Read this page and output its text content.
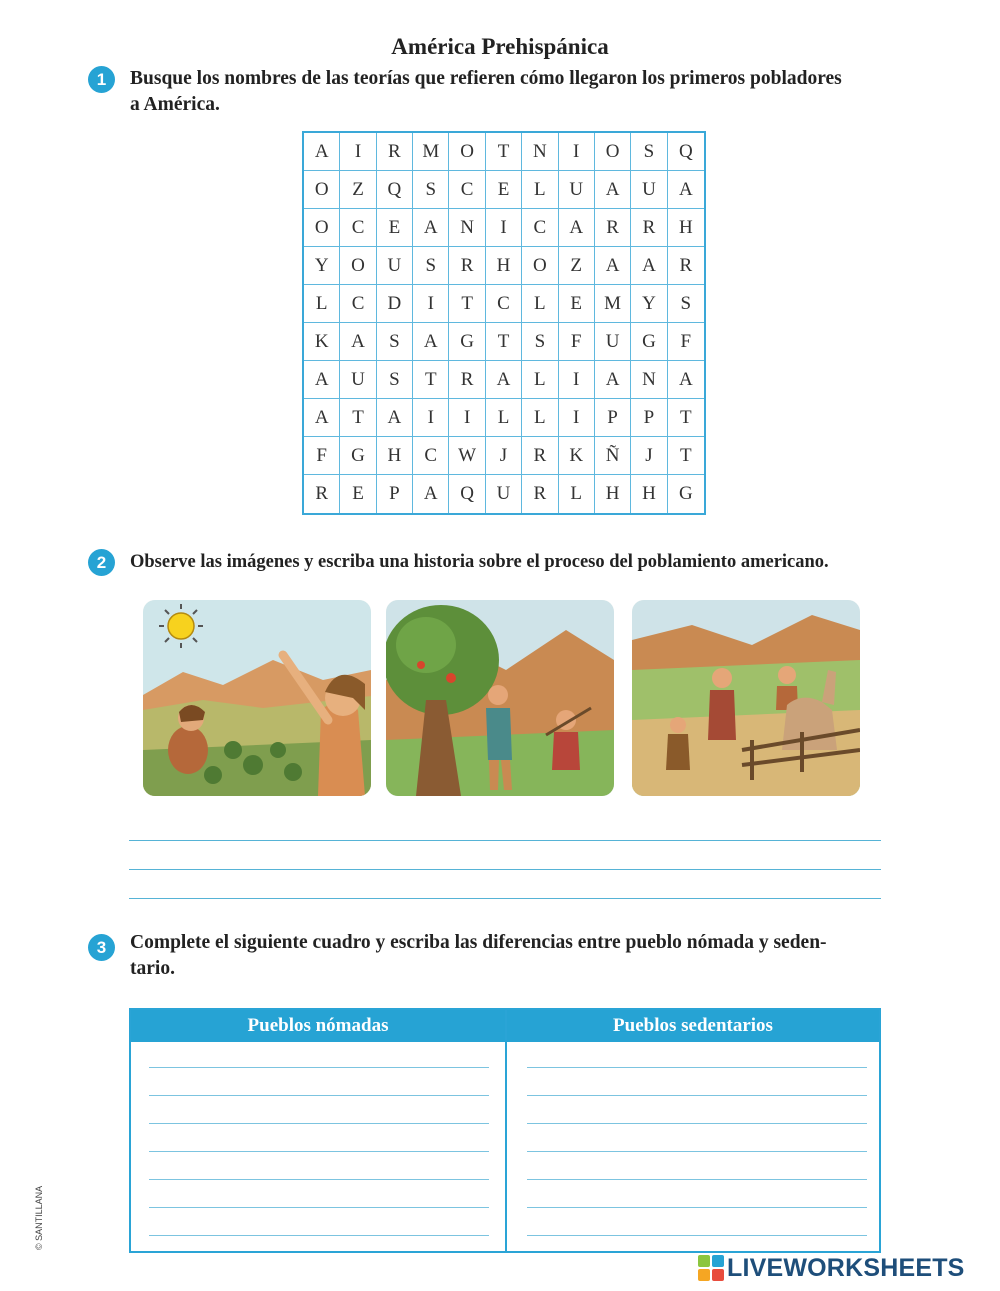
América Prehispánica
1	Busque los nombres de las teorías que refieren cómo llegaron los primeros pobladores
a América.
A	I	R	M	O	T	N	I	O	S	Q
O	Z	Q	S	C	E	L	U	A	U	A
O	C	E	A	N	I	C	A	R	R	H
Y	O	U	S	R	H	O	Z	A	A	R
L	C	D	I	T	C	L	E	M	Y	S
K	A	S	A	G	T	S	F	U	G	F
A	U	S	T	R	A	L	I	A	N	A
A	T	A	I	I	L	L	I	P	P	T
F	G	H	C	W	J	R	K	Ñ	J	T
R	E	P	A	Q	U	R	L	H	H	G
2	Observe las imágenes y escriba una historia sobre el proceso del poblamiento americano.
3	Complete el siguiente cuadro y escriba las diferencias entre pueblo nómada y seden-
tario.
Pueblos nómadas	Pueblos sedentarios
© SANTILLANA
LIVEWORKSHEETS
